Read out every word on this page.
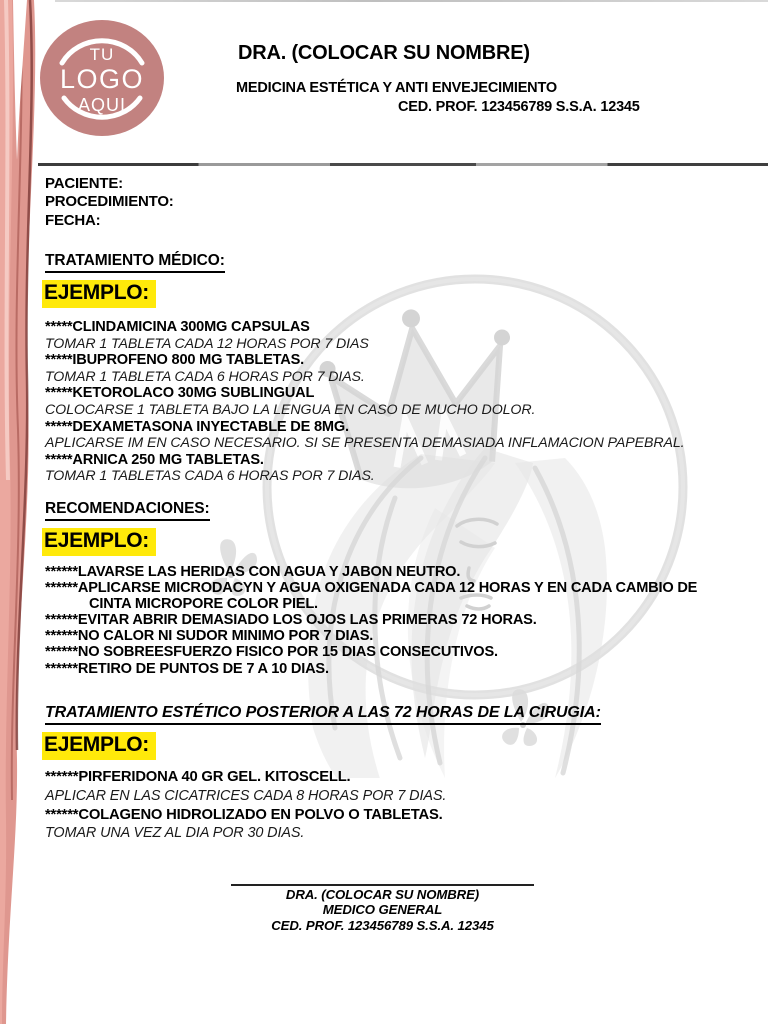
TU
LOGO
AQUI
DRA. (COLOCAR SU NOMBRE)
MEDICINA ESTÉTICA Y ANTI ENVEJECIMIENTO
CED. PROF. 123456789 S.S.A. 12345
PACIENTE:
PROCEDIMIENTO:
FECHA:
TRATAMIENTO MÉDICO:
EJEMPLO:
*****CLINDAMICINA 300MG CAPSULAS
TOMAR 1 TABLETA CADA 12 HORAS POR 7 DIAS
*****IBUPROFENO 800 MG TABLETAS.
TOMAR 1 TABLETA CADA 6 HORAS POR 7 DIAS.
*****KETOROLACO 30MG SUBLINGUAL
COLOCARSE 1 TABLETA BAJO LA LENGUA EN CASO DE MUCHO DOLOR.
*****DEXAMETASONA INYECTABLE DE 8MG.
APLICARSE IM EN CASO NECESARIO. SI SE PRESENTA DEMASIADA INFLAMACION PAPEBRAL.
*****ARNICA 250 MG TABLETAS.
TOMAR 1 TABLETAS CADA 6 HORAS POR 7 DIAS.
RECOMENDACIONES:
EJEMPLO:
******LAVARSE LAS HERIDAS CON AGUA Y JABON NEUTRO.
******APLICARSE MICRODACYN Y AGUA OXIGENADA CADA 12 HORAS Y EN CADA CAMBIO DE
CINTA MICROPORE COLOR PIEL.
******EVITAR ABRIR DEMASIADO LOS OJOS LAS PRIMERAS 72 HORAS.
******NO CALOR NI SUDOR MINIMO POR 7 DIAS.
******NO SOBREESFUERZO FISICO POR 15 DIAS CONSECUTIVOS.
******RETIRO DE PUNTOS DE 7 A 10 DIAS.
TRATAMIENTO ESTÉTICO POSTERIOR A LAS 72 HORAS DE LA CIRUGIA:
EJEMPLO:
******PIRFERIDONA 40 GR GEL. KITOSCELL.
APLICAR EN LAS CICATRICES CADA 8 HORAS POR 7 DIAS.
******COLAGENO HIDROLIZADO EN POLVO O TABLETAS.
TOMAR UNA VEZ AL DIA POR 30 DIAS.
DRA. (COLOCAR SU NOMBRE)
MEDICO GENERAL
CED. PROF. 123456789 S.S.A. 12345
